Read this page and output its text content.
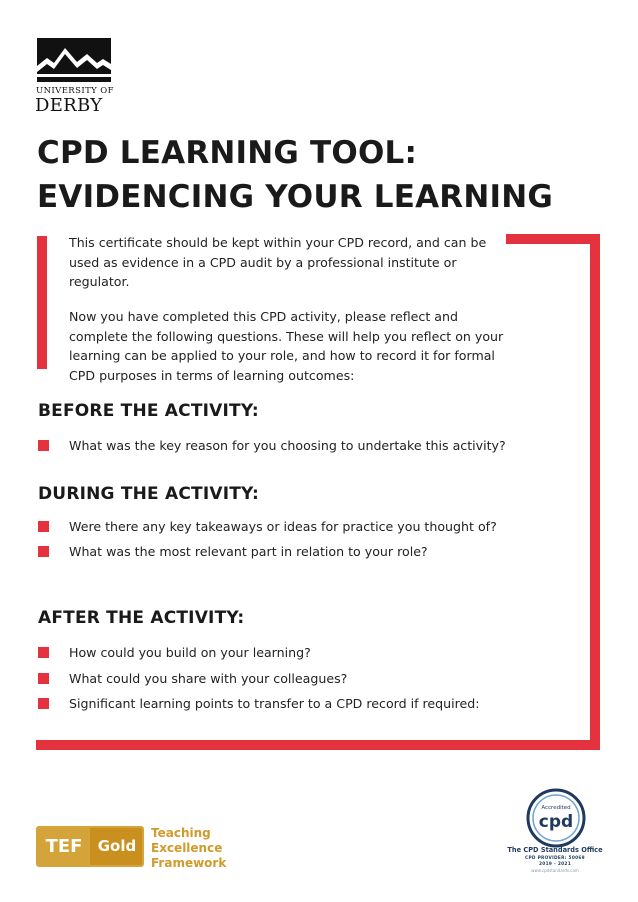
UNIVERSITY OF
DERBY
CPD LEARNING TOOL:
EVIDENCING YOUR LEARNING
This certificate should be kept within your CPD record, and can be used as evidence in a CPD audit by a professional institute or regulator.
Now you have completed this CPD activity, please reflect and complete the following questions. These will help you reflect on your learning can be applied to your role, and how to record it for formal CPD purposes in terms of learning outcomes:
BEFORE THE ACTIVITY:
What was the key reason for you choosing to undertake this activity?
DURING THE ACTIVITY:
Were there any key takeaways or ideas for practice you thought of?
What was the most relevant part in relation to your role?
AFTER THE ACTIVITY:
How could you build on your learning?
What could you share with your colleagues?
Significant learning points to transfer to a CPD record if required:
TEF	Gold
Teaching
Excellence
Framework
Accredited
cpd
The CPD Standards Office
CPD PROVIDER: 50069
2019 - 2021
www.cpdstandards.com
